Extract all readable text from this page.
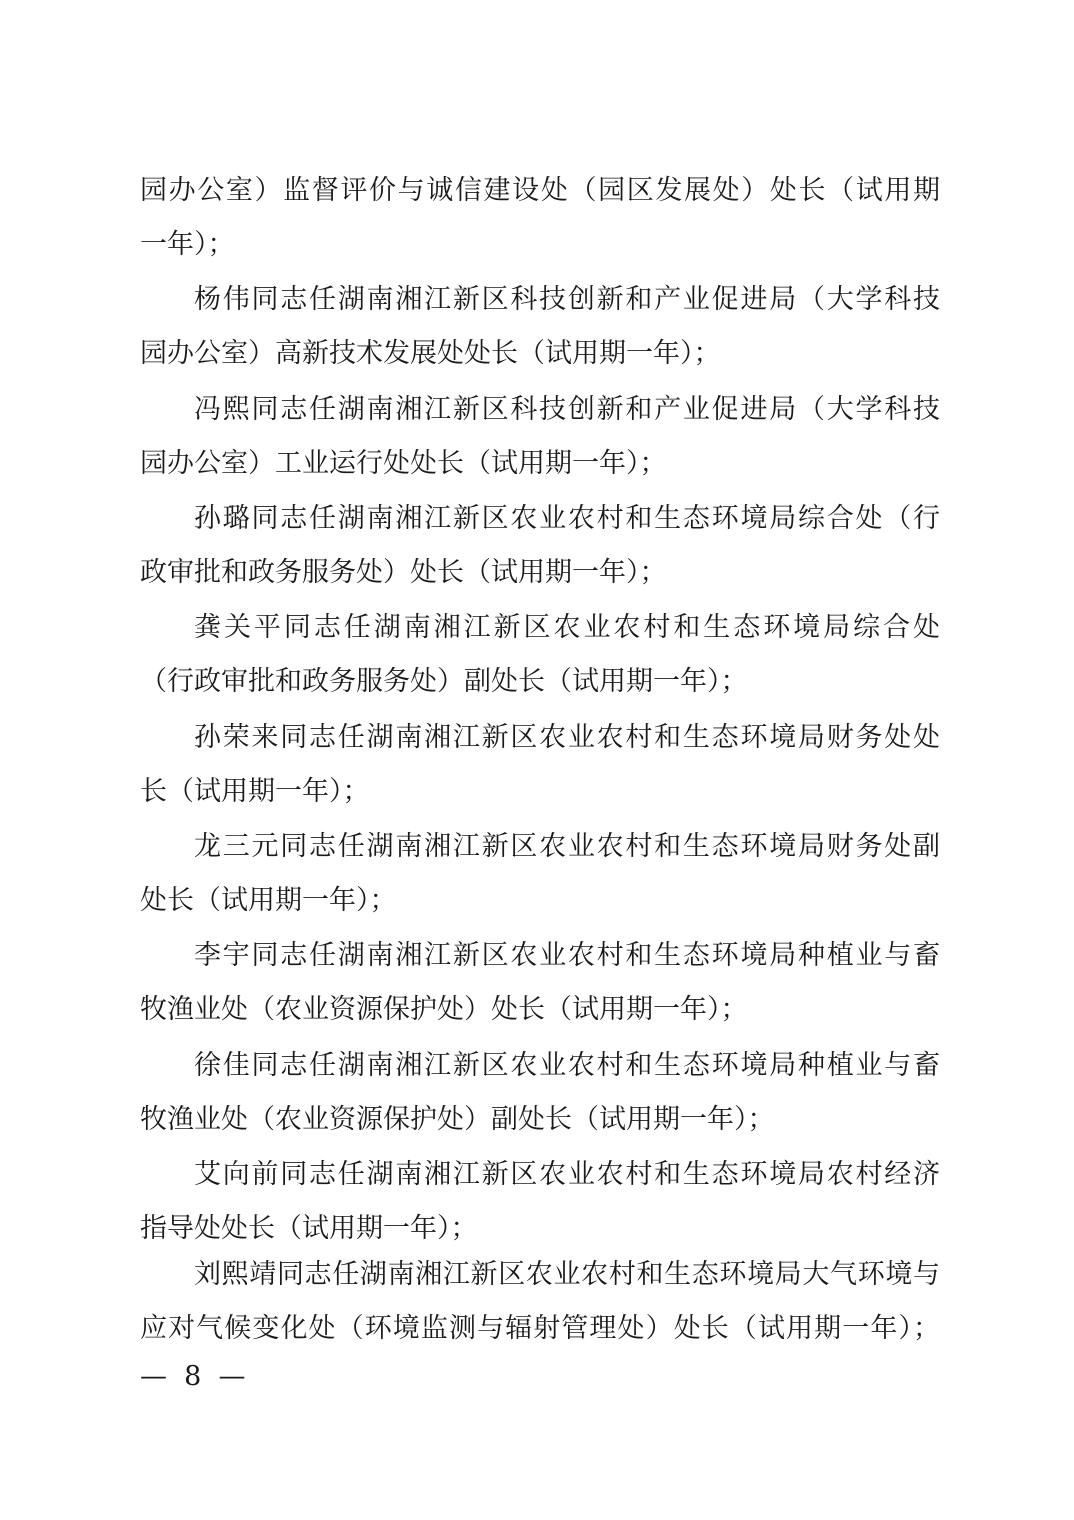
园办公室）监督评价与诚信建设处（园区发展处）处长（试用期
一年）；
杨伟同志任湖南湘江新区科技创新和产业促进局（大学科技
园办公室）高新技术发展处处长（试用期一年）；
冯熙同志任湖南湘江新区科技创新和产业促进局（大学科技
园办公室）工业运行处处长（试用期一年）；
孙璐同志任湖南湘江新区农业农村和生态环境局综合处（行
政审批和政务服务处）处长（试用期一年）；
龚关平同志任湖南湘江新区农业农村和生态环境局综合处
（行政审批和政务服务处）副处长（试用期一年）；
孙荣来同志任湖南湘江新区农业农村和生态环境局财务处处
长（试用期一年）；
龙三元同志任湖南湘江新区农业农村和生态环境局财务处副
处长（试用期一年）；
李宇同志任湖南湘江新区农业农村和生态环境局种植业与畜
牧渔业处（农业资源保护处）处长（试用期一年）；
徐佳同志任湖南湘江新区农业农村和生态环境局种植业与畜
牧渔业处（农业资源保护处）副处长（试用期一年）；
艾向前同志任湖南湘江新区农业农村和生态环境局农村经济
指导处处长（试用期一年）；
刘熙靖同志任湖南湘江新区农业农村和生态环境局大气环境与
应对气候变化处（环境监测与辐射管理处）处长（试用期一年）；
—  8  —
